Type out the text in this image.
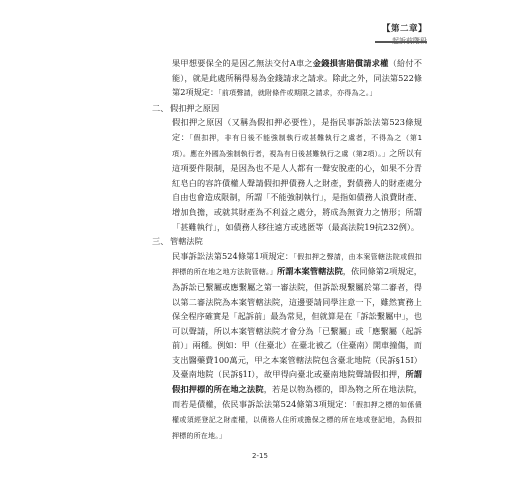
【第二章】

果甲想要保全的是因乙無法交付A車之金錢損害賠償請求權（給付不能），就是此處所稱得易為金錢請求之請求。除此之外，同法第522條第2項規定：「前項聲請，就附條件或期限之請求，亦得為之。」

二、 假扣押之原因

假扣押之原因（又稱為假扣押必要性），是指民事訴訟法第523條規定：「假扣押，非有日後不能強制執行或甚難執行之虞者，不得為之（第1項）。應在外國為強制執行者，視為有日後甚難執行之虞（第2項）。」之所以有這項要件限制，是因為也不是人人都有一聲安脫產的心，如果不分青紅皂白的容許債權人聲請假扣押債務人之財產，對債務人的財產處分自由也會造成限制，所謂「不能強制執行」，是指如債務人浪費財產、增加負擔，或就其財產為不利益之處分，將成為無資力之情形；所謂「甚難執行」，如債務人移往遠方或逃匿等（最高法院19抗232例）。

三、 管轄法院

民事訴訟法第524條第1項規定：「假扣押之聲請，由本案管轄法院或假扣押標的所在地之地方法院管轄。」所謂本案管轄法院，依同條第2項規定，為訴訟已繫屬或應繫屬之第一審法院，但訴訟現繫屬於第二審者，得以第二審法院為本案管轄法院，這邊要請同學注意一下，雖然實務上保全程序確實是「起訴前」最為常見，但就算是在「訴訟繫屬中」，也可以聲請，所以本案管轄法院才會分為「已繫屬」或「應繫屬（起訴前）」兩種。例如：甲（住臺北）在臺北被乙（住臺南）開車撞傷，而支出醫藥費100萬元，甲之本案管轄法院包含臺北地院（民訴§15Ⅰ）及臺南地院（民訴§1Ⅰ），故甲得向臺北或臺南地院聲請假扣押，所謂假扣押標的所在地之法院，若是以物為標的，即為物之所在地法院，而若是債權，依民事訴訟法第524條第3項規定：「假扣押之標的如係債權或須經登記之財產權，以債務人住所或擔保之標的所在地或登記地，為假扣押標的所在地。」

2-15
